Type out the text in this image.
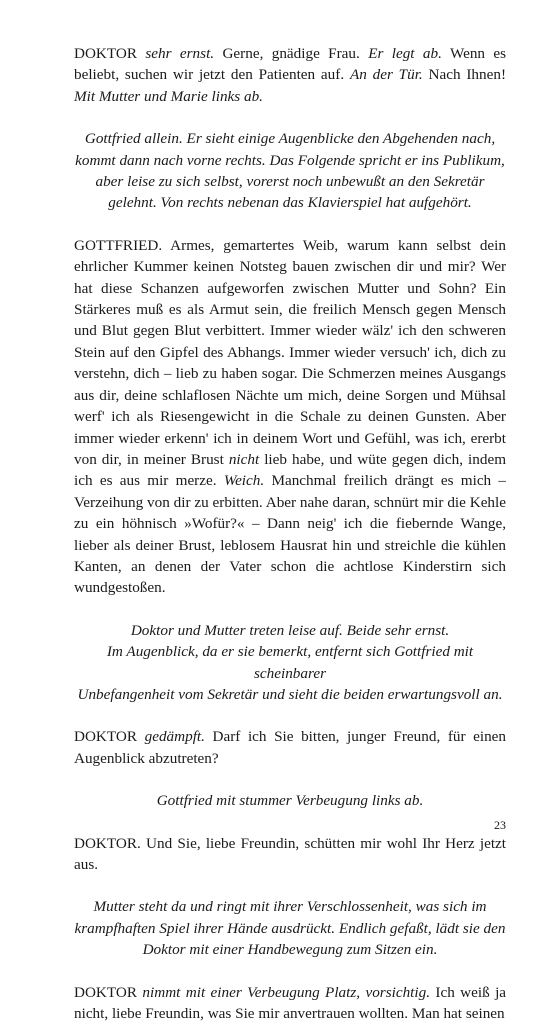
DOKTOR sehr ernst. Gerne, gnädige Frau. Er legt ab. Wenn es beliebt, suchen wir jetzt den Patienten auf. An der Tür. Nach Ihnen! Mit Mutter und Marie links ab.

Gottfried allein. Er sieht einige Augenblicke den Abgehenden nach,
kommt dann nach vorne rechts. Das Folgende spricht er ins Publikum,
aber leise zu sich selbst, vorerst noch unbewußt an den Sekretär
gelehnt. Von rechts nebenan das Klavierspiel hat aufgehört.

GOTTFRIED. Armes, gemartertes Weib, warum kann selbst dein ehrlicher Kummer keinen Notsteg bauen zwischen dir und mir? Wer hat diese Schanzen aufgeworfen zwischen Mutter und Sohn? Ein Stärkeres muß es als Armut sein, die freilich Mensch gegen Mensch und Blut gegen Blut verbittert. Immer wieder wälz' ich den schweren Stein auf den Gipfel des Abhangs. Immer wieder versuch' ich, dich zu verstehn, dich – lieb zu haben sogar. Die Schmerzen meines Ausgangs aus dir, deine schlaflosen Nächte um mich, deine Sorgen und Mühsal werf' ich als Riesengewicht in die Schale zu deinen Gunsten. Aber immer wieder erkenn' ich in deinem Wort und Gefühl, was ich, ererbt von dir, in meiner Brust nicht lieb habe, und wüte gegen dich, indem ich es aus mir merze. Weich. Manchmal freilich drängt es mich – Verzeihung von dir zu erbitten. Aber nahe daran, schnürt mir die Kehle zu ein höhnisch »Wofür?« – Dann neig' ich die fiebernde Wange, lieber als deiner Brust, leblosem Hausrat hin und streichle die kühlen Kanten, an denen der Vater schon die achtlose Kinderstirn sich wundgestoßen.

Doktor und Mutter treten leise auf. Beide sehr ernst.
Im Augenblick, da er sie bemerkt, entfernt sich Gottfried mit scheinbarer
Unbefangenheit vom Sekretär und sieht die beiden erwartungsvoll an.

DOKTOR gedämpft. Darf ich Sie bitten, junger Freund, für einen Augenblick abzutreten?

Gottfried mit stummer Verbeugung links ab.

DOKTOR. Und Sie, liebe Freundin, schütten mir wohl Ihr Herz jetzt aus.

Mutter steht da und ringt mit ihrer Verschlossenheit, was sich im
krampfhaften Spiel ihrer Hände ausdrückt. Endlich gefaßt, lädt sie den
Doktor mit einer Handbewegung zum Sitzen ein.

DOKTOR nimmt mit einer Verbeugung Platz, vorsichtig. Ich weiß ja nicht, liebe Freundin, was Sie mir anvertrauen wollten. Man hat seinen

23
